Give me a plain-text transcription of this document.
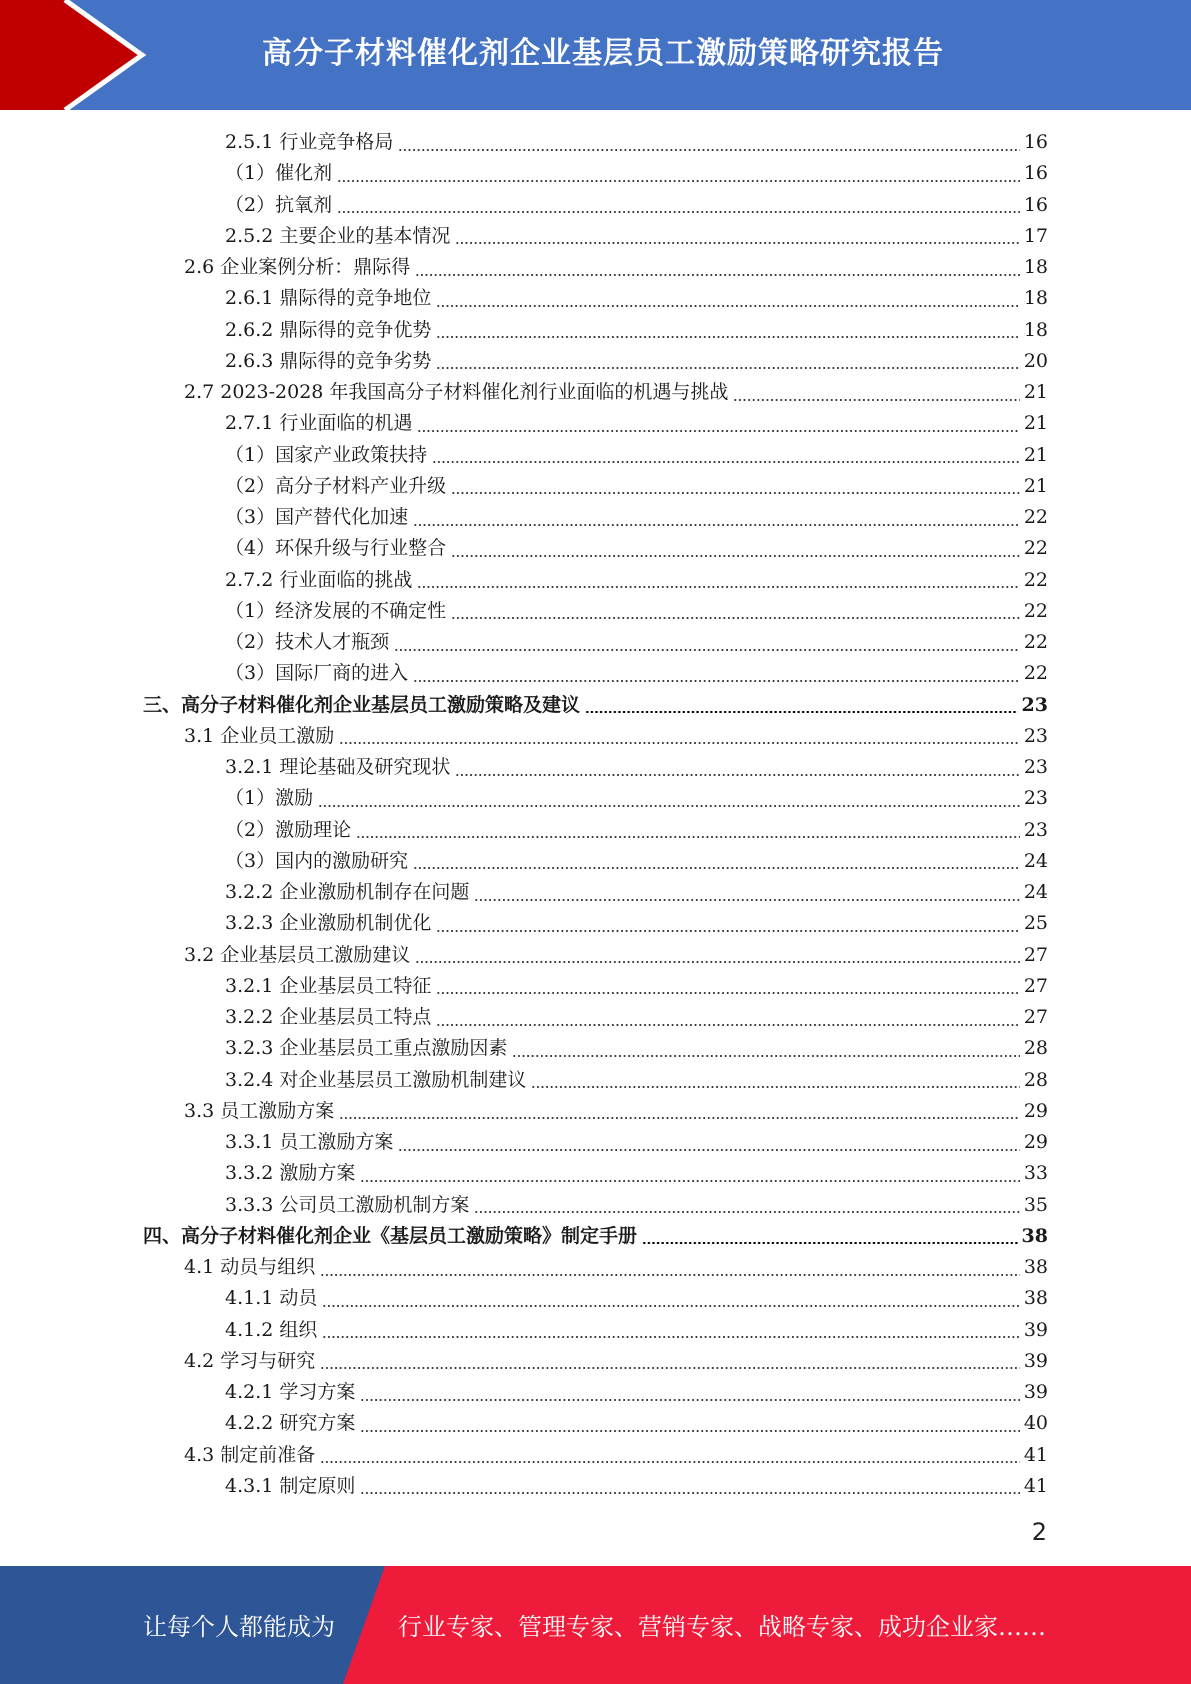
高分子材料催化剂企业基层员工激励策略研究报告
2.5.1 行业竞争格局	16
（1）催化剂	16
（2）抗氧剂	16
2.5.2 主要企业的基本情况	17
2.6 企业案例分析：鼎际得	18
2.6.1 鼎际得的竞争地位	18
2.6.2 鼎际得的竞争优势	18
2.6.3 鼎际得的竞争劣势	20
2.7 2023-2028 年我国高分子材料催化剂行业面临的机遇与挑战	21
2.7.1 行业面临的机遇	21
（1）国家产业政策扶持	21
（2）高分子材料产业升级	21
（3）国产替代化加速	22
（4）环保升级与行业整合	22
2.7.2 行业面临的挑战	22
（1）经济发展的不确定性	22
（2）技术人才瓶颈	22
（3）国际厂商的进入	22
三、高分子材料催化剂企业基层员工激励策略及建议	23
3.1 企业员工激励	23
3.2.1 理论基础及研究现状	23
（1）激励	23
（2）激励理论	23
（3）国内的激励研究	24
3.2.2 企业激励机制存在问题	24
3.2.3 企业激励机制优化	25
3.2 企业基层员工激励建议	27
3.2.1 企业基层员工特征	27
3.2.2 企业基层员工特点	27
3.2.3 企业基层员工重点激励因素	28
3.2.4 对企业基层员工激励机制建议	28
3.3 员工激励方案	29
3.3.1 员工激励方案	29
3.3.2 激励方案	33
3.3.3 公司员工激励机制方案	35
四、高分子材料催化剂企业《基层员工激励策略》制定手册	38
4.1 动员与组织	38
4.1.1 动员	38
4.1.2 组织	39
4.2 学习与研究	39
4.2.1 学习方案	39
4.2.2 研究方案	40
4.3 制定前准备	41
4.3.1 制定原则	41
2
让每个人都能成为	行业专家、管理专家、营销专家、战略专家、成功企业家……
